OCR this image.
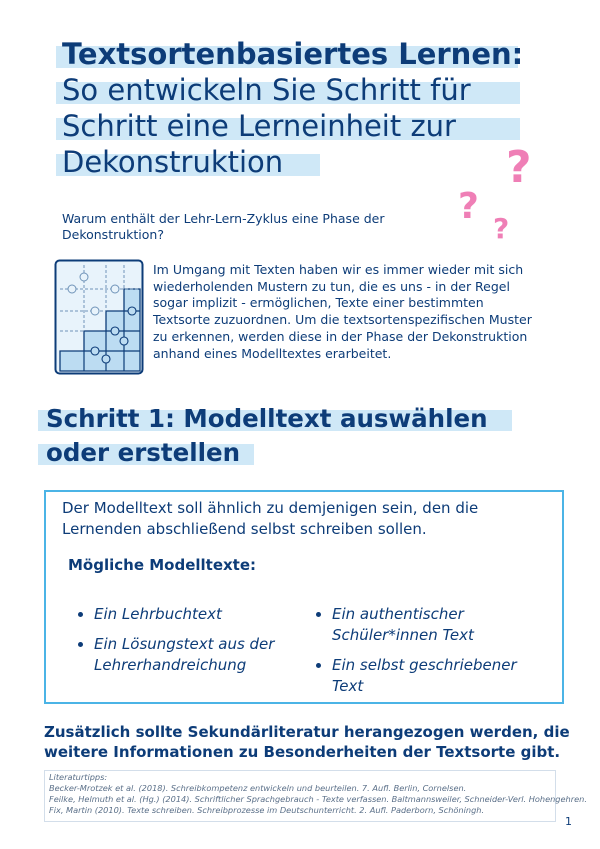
Textsortenbasiertes Lernen:
So entwickeln Sie Schritt für
Schritt eine Lerneinheit zur
Dekonstruktion	?
?
?
Warum enthält der Lehr-Lern-Zyklus eine Phase der Dekonstruktion?
Im Umgang mit Texten haben wir es immer wieder mit sich wiederholenden Mustern zu tun, die es uns - in der Regel sogar implizit - ermöglichen, Texte einer bestimmten Textsorte zuzuordnen. Um die textsortenspezifischen Muster zu erkennen, werden diese in der Phase der Dekonstruktion anhand eines Modelltextes erarbeitet.
Schritt 1: Modelltext auswählen
oder erstellen
Der Modelltext soll ähnlich zu demjenigen sein, den die Lernenden abschließend selbst schreiben sollen.
Mögliche Modelltexte:
Ein Lehrbuchtext
Ein Lösungstext aus der Lehrerhandreichung
Ein authentischer Schüler*innen Text
Ein selbst geschriebener Text
Zusätzlich sollte Sekundärliteratur herangezogen werden, die weitere Informationen zu Besonderheiten der Textsorte gibt.
Literaturtipps:
Becker-Mrotzek et al. (2018). Schreibkompetenz entwickeln und beurteilen. 7. Aufl. Berlin, Cornelsen.
Feilke, Helmuth et al. (Hg.) (2014). Schriftlicher Sprachgebrauch - Texte verfassen. Baltmannsweiler, Schneider-Verl. Hohengehren.
Fix, Martin (2010). Texte schreiben. Schreibprozesse im Deutschunterricht. 2. Aufl. Paderborn, Schöningh.
1
